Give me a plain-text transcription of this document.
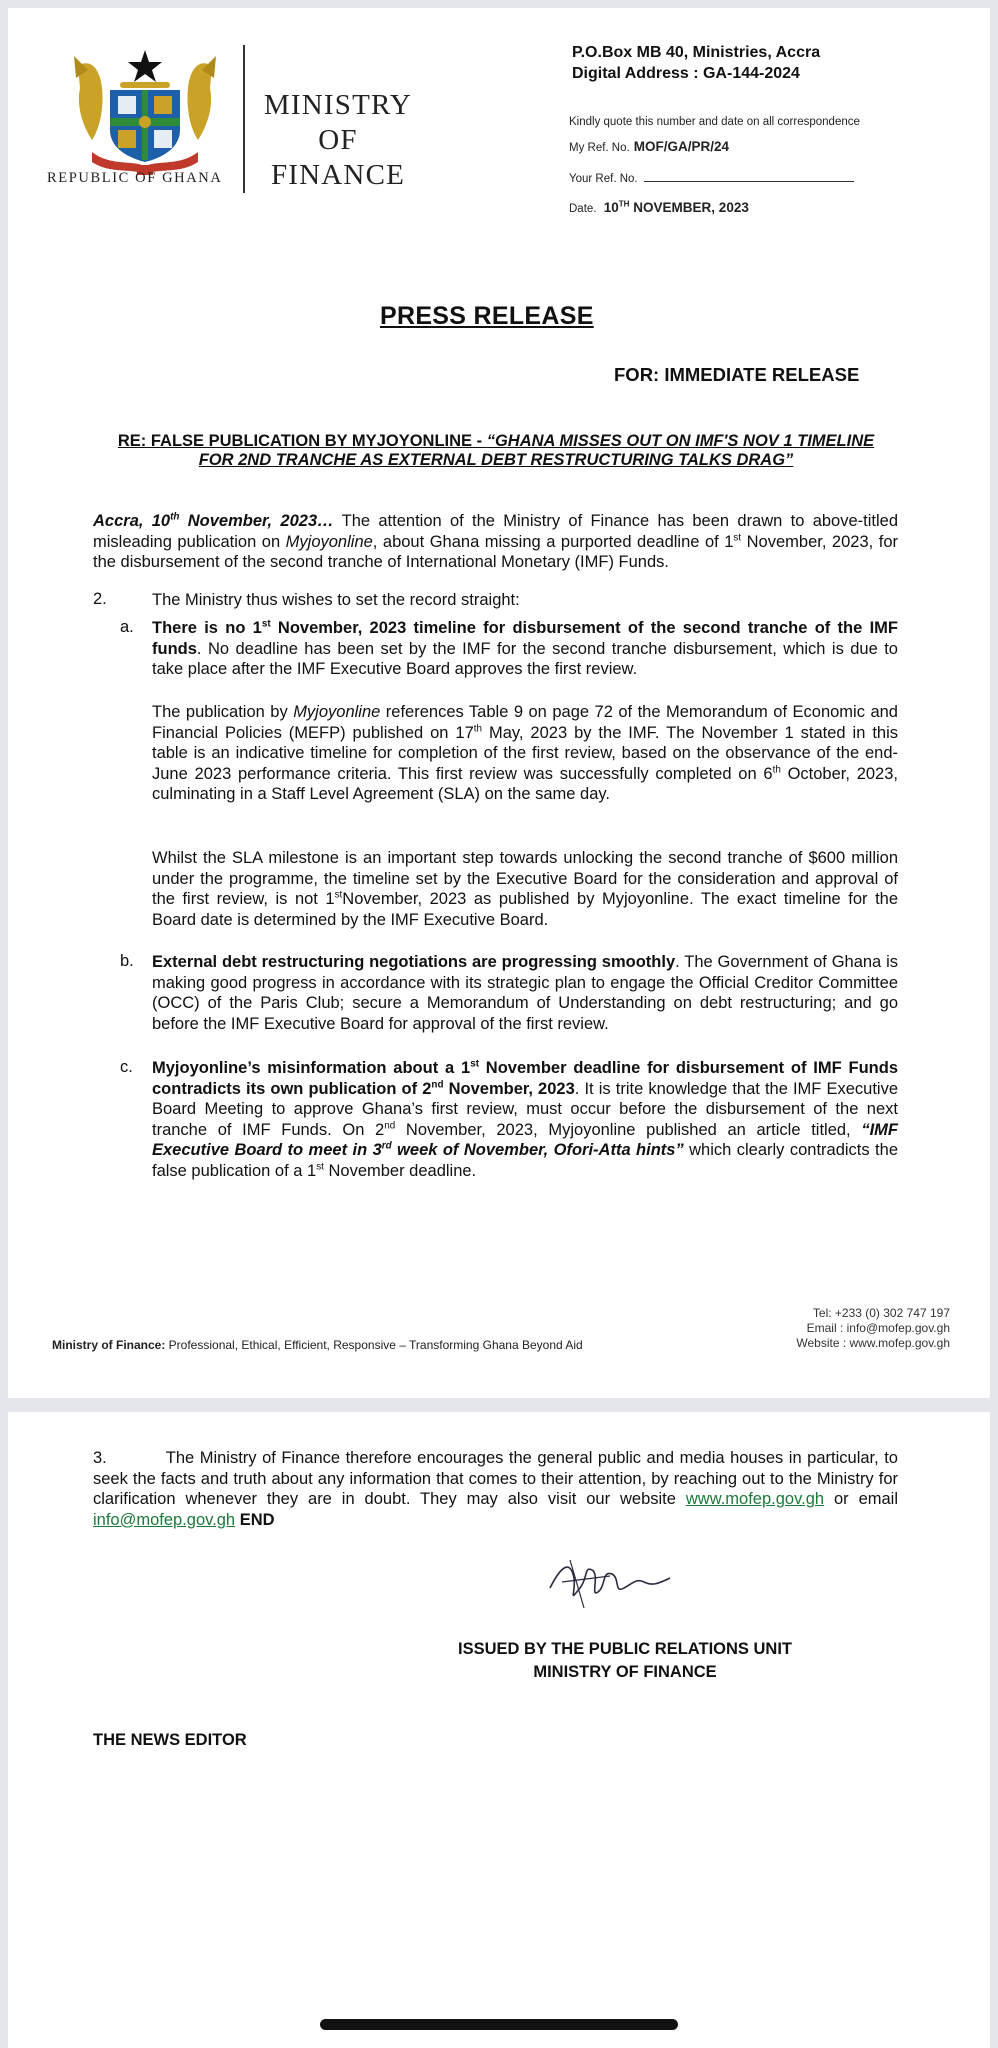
REPUBLIC OF GHANA
MINISTRY
OF
FINANCE
P.O.Box MB 40, Ministries, Accra
Digital Address : GA-144-2024
Kindly quote this number and date on all correspondence
My Ref. No. MOF/GA/PR/24
Your Ref. No.
Date. 10TH NOVEMBER, 2023
PRESS RELEASE
FOR: IMMEDIATE RELEASE
RE: FALSE PUBLICATION BY MYJOYONLINE - “GHANA MISSES OUT ON IMF'S NOV 1 TIMELINE FOR 2ND TRANCHE AS EXTERNAL DEBT RESTRUCTURING TALKS DRAG”
Accra, 10th November, 2023… The attention of the Ministry of Finance has been drawn to above-titled misleading publication on Myjoyonline, about Ghana missing a purported deadline of 1st November, 2023, for the disbursement of the second tranche of International Monetary (IMF) Funds.
2.	The Ministry thus wishes to set the record straight:
a. There is no 1st November, 2023 timeline for disbursement of the second tranche of the IMF funds. No deadline has been set by the IMF for the second tranche disbursement, which is due to take place after the IMF Executive Board approves the first review.
The publication by Myjoyonline references Table 9 on page 72 of the Memorandum of Economic and Financial Policies (MEFP) published on 17th May, 2023 by the IMF. The November 1 stated in this table is an indicative timeline for completion of the first review, based on the observance of the end-June 2023 performance criteria. This first review was successfully completed on 6th October, 2023, culminating in a Staff Level Agreement (SLA) on the same day.
Whilst the SLA milestone is an important step towards unlocking the second tranche of $600 million under the programme, the timeline set by the Executive Board for the consideration and approval of the first review, is not 1stNovember, 2023 as published by Myjoyonline. The exact timeline for the Board date is determined by the IMF Executive Board.
b. External debt restructuring negotiations are progressing smoothly. The Government of Ghana is making good progress in accordance with its strategic plan to engage the Official Creditor Committee (OCC) of the Paris Club; secure a Memorandum of Understanding on debt restructuring; and go before the IMF Executive Board for approval of the first review.
c. Myjoyonline’s misinformation about a 1st November deadline for disbursement of IMF Funds contradicts its own publication of 2nd November, 2023. It is trite knowledge that the IMF Executive Board Meeting to approve Ghana’s first review, must occur before the disbursement of the next tranche of IMF Funds. On 2nd November, 2023, Myjoyonline published an article titled, “IMF Executive Board to meet in 3rd week of November, Ofori-Atta hints” which clearly contradicts the false publication of a 1st November deadline.
Tel: +233 (0) 302 747 197
Email : info@mofep.gov.gh
Website : www.mofep.gov.gh
Ministry of Finance: Professional, Ethical, Efficient, Responsive – Transforming Ghana Beyond Aid
3.	The Ministry of Finance therefore encourages the general public and media houses in particular, to seek the facts and truth about any information that comes to their attention, by reaching out to the Ministry for clarification whenever they are in doubt. They may also visit our website www.mofep.gov.gh or email info@mofep.gov.gh END
ISSUED BY THE PUBLIC RELATIONS UNIT
MINISTRY OF FINANCE
THE NEWS EDITOR
